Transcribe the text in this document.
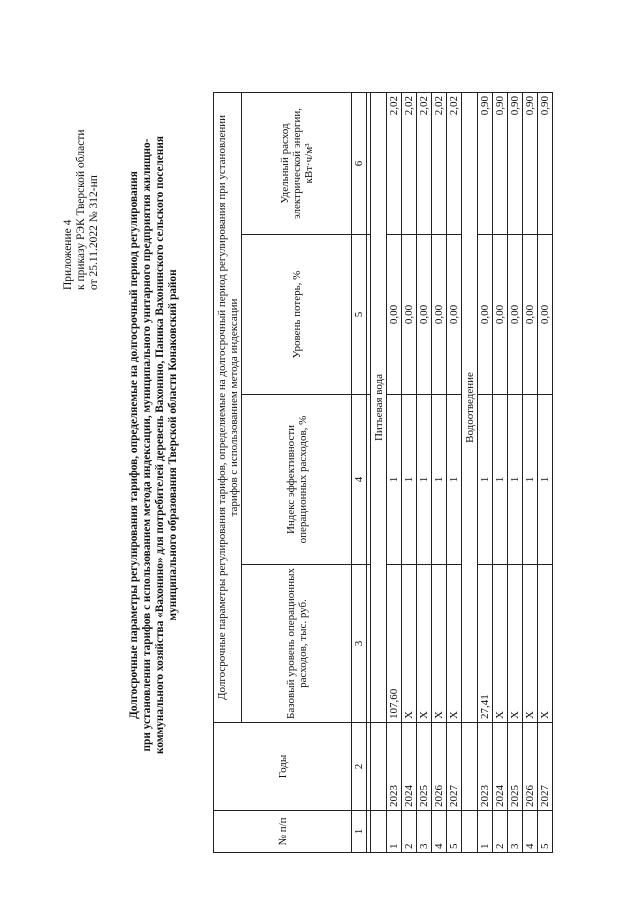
Приложение 4 к приказу РЭК Тверской области от 25.11.2022 № 312-нп Долгосрочные параметры регулирования тарифов, определяемые на долгосрочный период регулирования при установлении тарифов с использованием метода индексации, муниципального унитарного предприятия жилищно- коммунального хозяйства «Вахонино» для потребителей деревень Вахонино, Паника Вахонинского сельского поселения муниципального образования Тверской области Конаковский район
№ п/п	Годы	Долгосрочные параметры регулирования тарифов, определяемые на долгосрочный период регулирования при установлении тарифов с использованием метода индексации			
		Базовый уровень операционных расходов, тыс. руб.	Индекс эффективности операционных расходов, %	Уровень потерь, %	Удельный расход электрической энергии, кВт·ч/м³
1	2	3	4	5	6

		Питьевая вода			
1	2023	107,60	1	0,00	2,02
2	2024	Х	1	0,00	2,02
3	2025	Х	1	0,00	2,02
4	2026	Х	1	0,00	2,02
5	2027	Х	1	0,00	2,02
		Водоотведение			
1	2023	27,41	1	0,00	0,90
2	2024	Х	1	0,00	0,90
3	2025	Х	1	0,00	0,90
4	2026	Х	1	0,00	0,90
5	2027	Х	1	0,00	0,90
